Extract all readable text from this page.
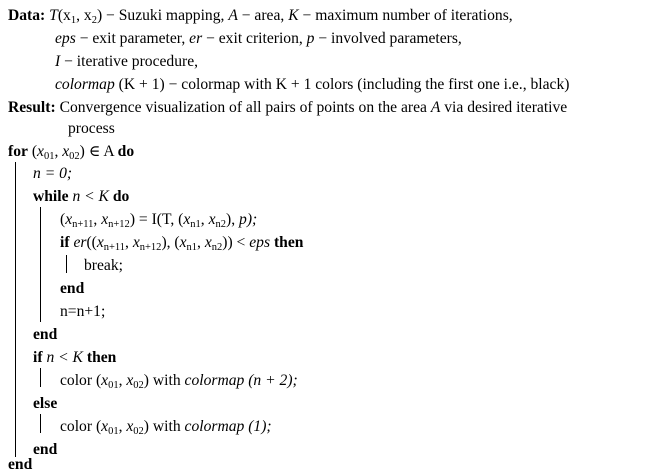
Data: $T(x_1$, $x_2$) − Suzuki mapping, A − area, K − maximum number of iterations,
eps − exit parameter, er − exit criterion, p − involved parameters,
I − iterative procedure,
colormap (K + 1) − colormap with K + 1 colors (including the first one i.e., black)
Result: Convergence visualization of all pairs of points on the area A via desired iterative
process
for ($x_{01}$, $x_{02}$) ∈ A do
n = 0;
while n < K do
($x_{n+11}$, $x_{n+12}) = I(T$, ($x_{n1}$, $x_{n2}$), p);
if $er((x_{n+11}$, $x_{n+12}$), ($x_{n1}$, $x_{n2}$)) < eps then
break;
end
n=n+1;
end
if n < K then
color ($x_{01}$, $x_{02}$) with colormap (n + 2);
else
color ($x_{01}$, $x_{02}$) with colormap (1);
end
end
